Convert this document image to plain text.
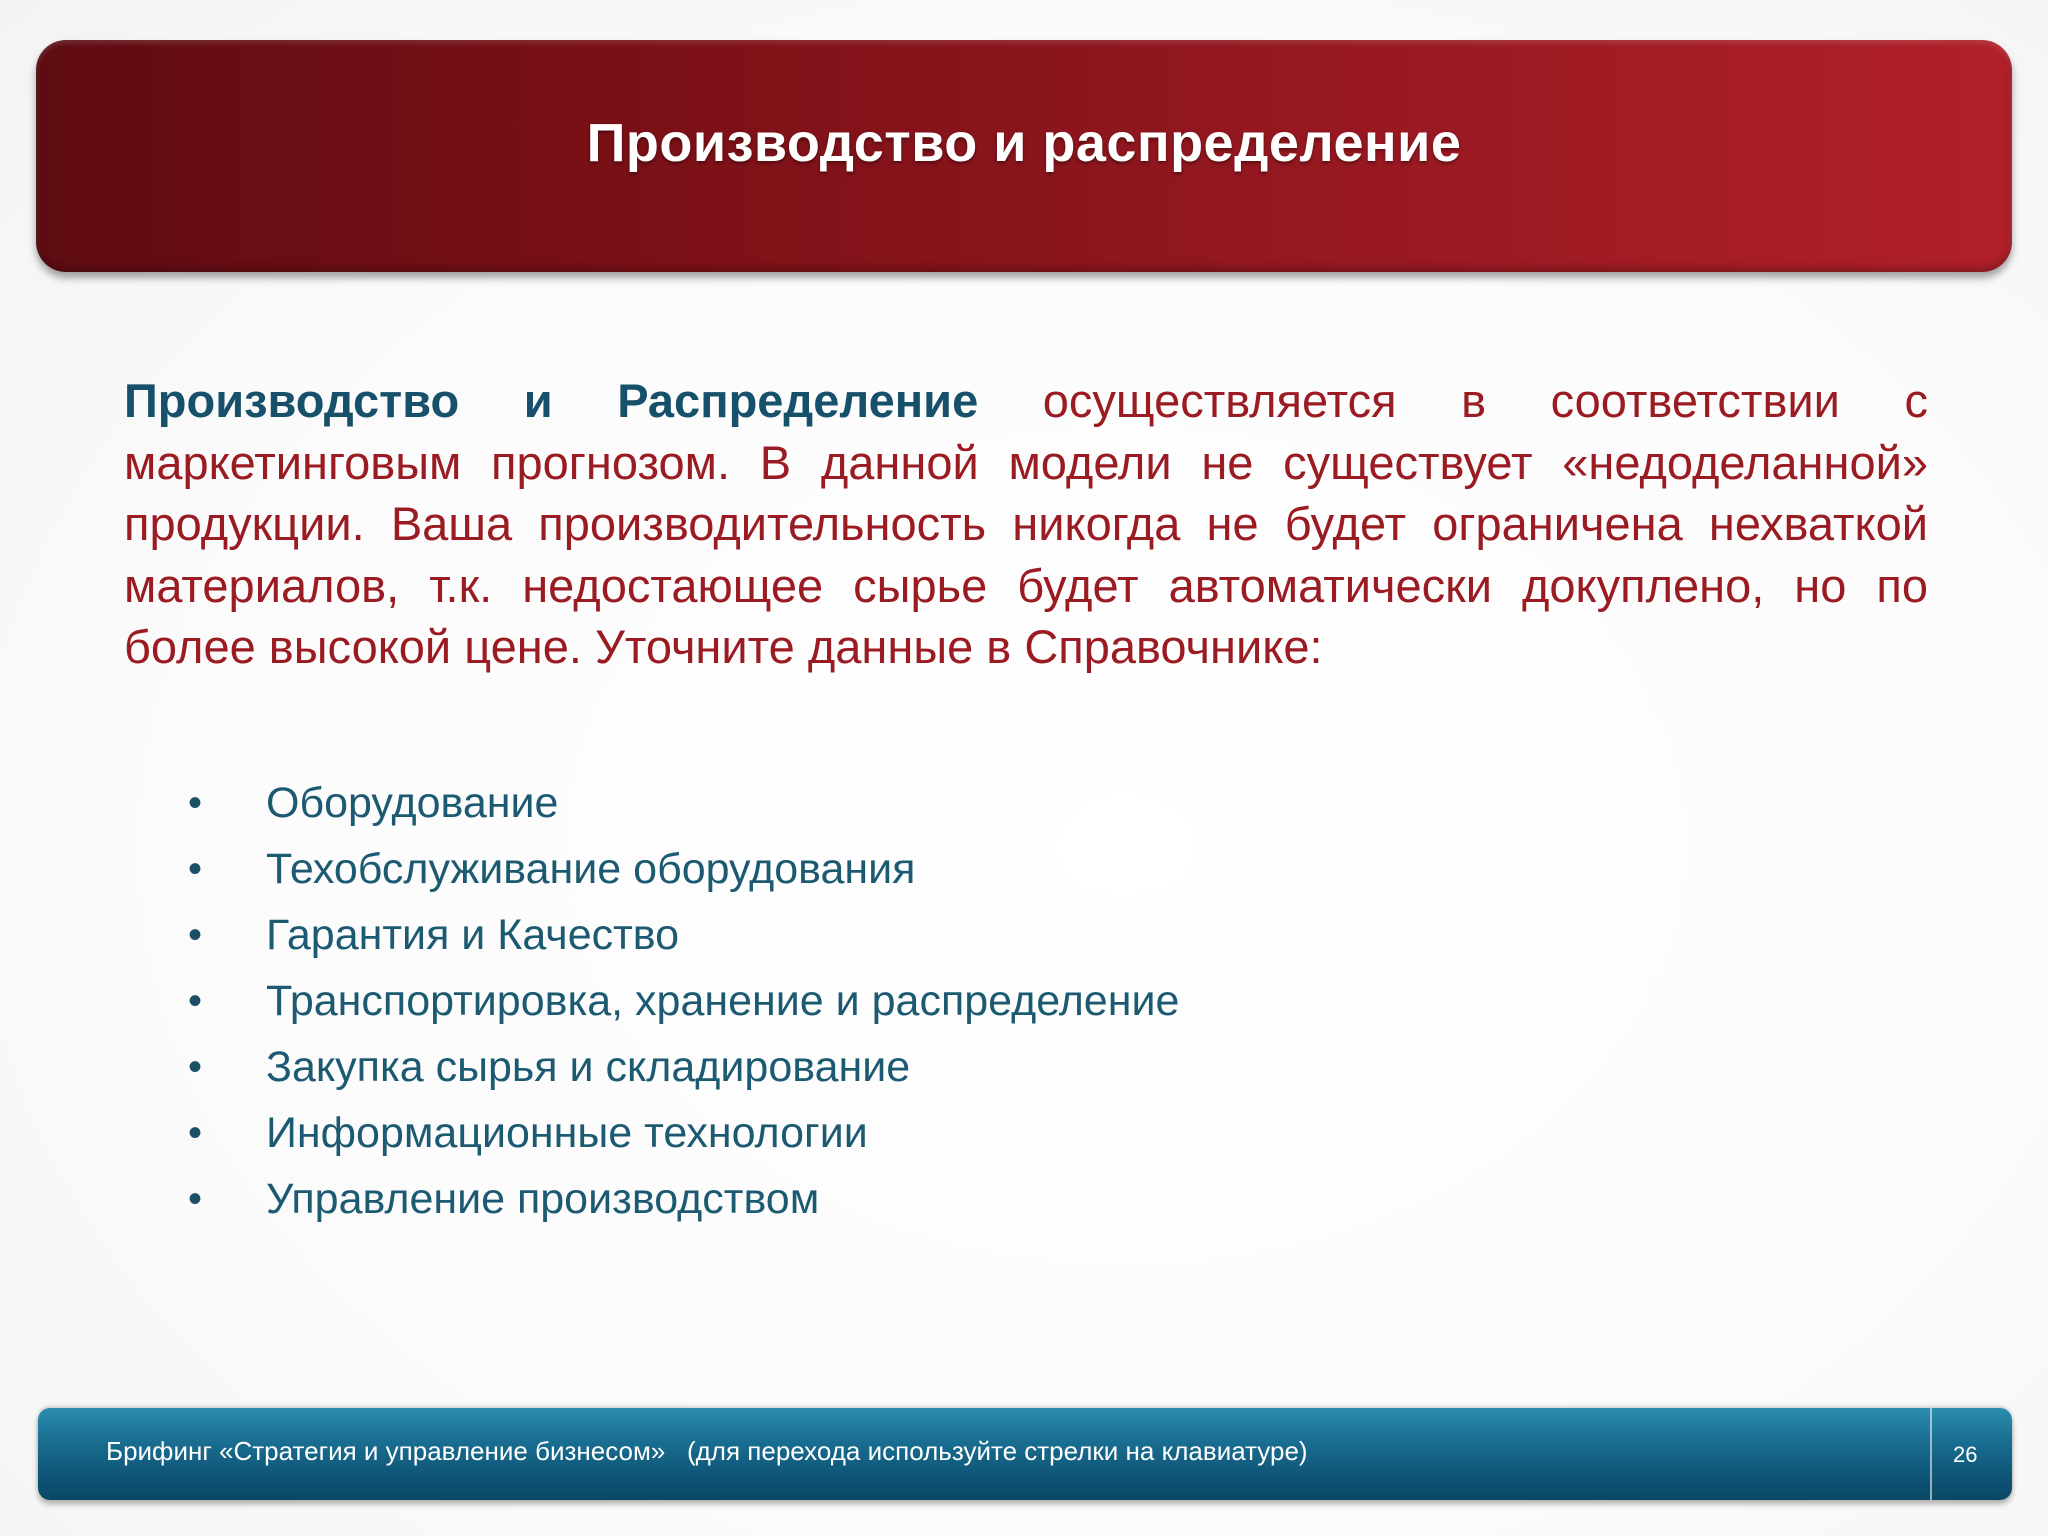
Производство и распределение

Производство и Распределение осуществляется в соответствии с маркетинговым прогнозом. В данной модели не существует «недоделанной» продукции. Ваша производительность никогда не будет ограничена нехваткой материалов, т.к. недостающее сырье будет автоматически докуплено, но по более высокой цене. Уточните данные в Справочнике:

• Оборудование
• Техобслуживание оборудования
• Гарантия и Качество
• Транспортировка, хранение и распределение
• Закупка сырья и складирование
• Информационные технологии
• Управление производством
Брифинг «Стратегия и управление бизнесом»   (для перехода используйте стрелки на клавиатуре)	26
